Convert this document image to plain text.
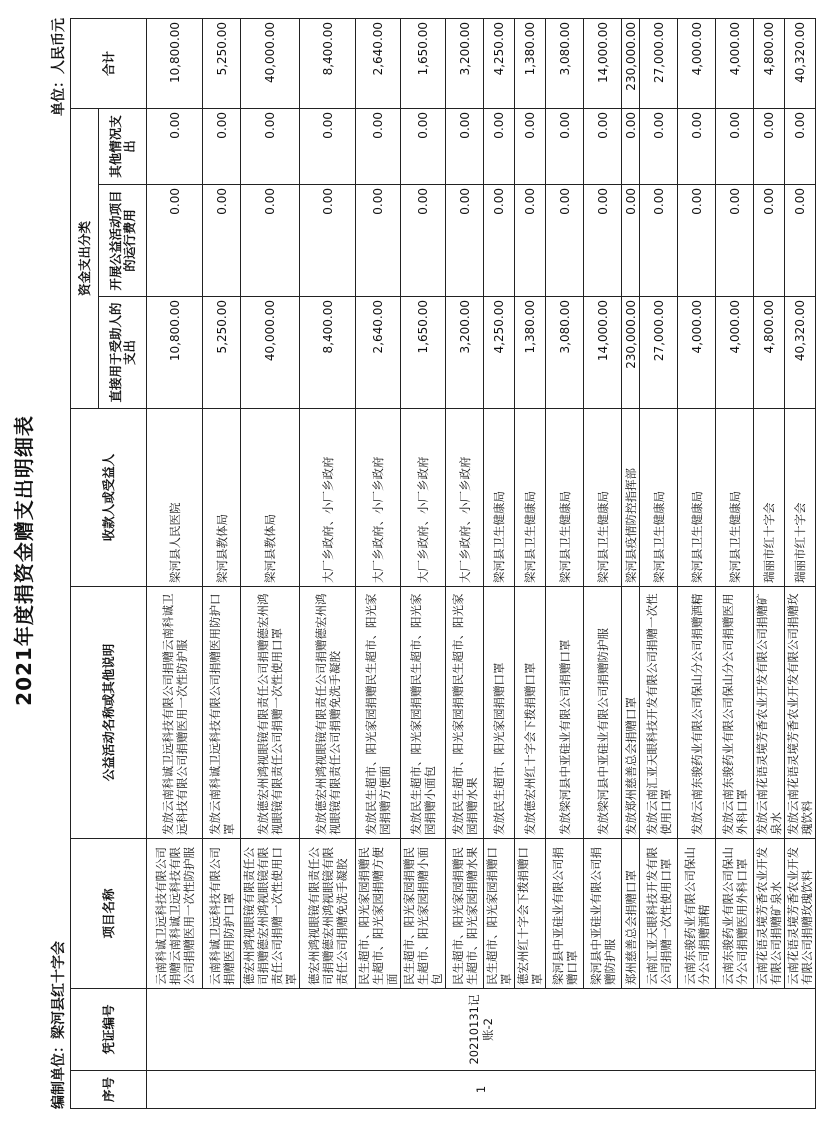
2021年度捐资金赠支出明细表
编制单位：梁河县红十字会
单位：人民币元
序号	凭证编号	项目名称	公益活动名称或其他说明	收款人或受益人	资金支出分类			合计
					直接用于受助人的支出	开展公益活动项目的运行费用	其他情况支出	
1	20210131记账-2	云南科诚卫远科技有限公司捐赠云南科诚卫远科技有限公司捐赠医用一次性防护服	发放云南科诚卫远科技有限公司捐赠云南科诚卫远科技有限公司捐赠医用一次性防护服	梁河县人民医院	10,800.00	0.00	0.00	10,800.00
		云南科诚卫远科技有限公司捐赠医用防护口罩	发放云南科诚卫远科技有限公司捐赠医用防护口罩	梁河县教体局	5,250.00	0.00	0.00	5,250.00
		德宏州鸿视眼镜有限责任公司捐赠德宏州鸿视眼镜有限责任公司捐赠一次性使用口罩	发放德宏州鸿视眼镜有限责任公司捐赠德宏州鸿视眼镜有限责任公司捐赠一次性使用口罩	梁河县教体局	40,000.00	0.00	0.00	40,000.00
		德宏州鸿视眼镜有限责任公司捐赠德宏州鸿视眼镜有限责任公司捐赠免洗手凝胶	发放德宏州鸿视眼镜有限责任公司捐赠德宏州鸿视眼镜有限责任公司捐赠免洗手凝胶	大厂乡政府、小厂乡政府	8,400.00	0.00	0.00	8,400.00
		民生超市、阳光家园捐赠民生超市、阳光家园捐赠方便面	发放民生超市、阳光家园捐赠民生超市、阳光家园捐赠方便面	大厂乡政府、小厂乡政府	2,640.00	0.00	0.00	2,640.00
		民生超市、阳光家园捐赠民生超市、阳光家园捐赠小面包	发放民生超市、阳光家园捐赠民生超市、阳光家园捐赠小面包	大厂乡政府、小厂乡政府	1,650.00	0.00	0.00	1,650.00
		民生超市、阳光家园捐赠民生超市、阳光家园捐赠水果	发放民生超市、阳光家园捐赠民生超市、阳光家园捐赠水果	大厂乡政府、小厂乡政府	3,200.00	0.00	0.00	3,200.00
		民生超市、阳光家园捐赠口罩	发放民生超市、阳光家园捐赠口罩	梁河县卫生健康局	4,250.00	0.00	0.00	4,250.00
		德宏州红十字会下拨捐赠口罩	发放德宏州红十字会下拨捐赠口罩	梁河县卫生健康局	1,380.00	0.00	0.00	1,380.00
		梁河县中亚硅业有限公司捐赠口罩	发放梁河县中亚硅业有限公司捐赠口罩	梁河县卫生健康局	3,080.00	0.00	0.00	3,080.00
		梁河县中亚硅业有限公司捐赠防护服	发放梁河县中亚硅业有限公司捐赠防护服	梁河县卫生健康局	14,000.00	0.00	0.00	14,000.00
		郑州慈善总会捐赠口罩	发放郑州慈善总会捐赠口罩	梁河县疫情防控指挥部	230,000.00	0.00	0.00	230,000.00
		云南汇亚天眼科技开发有限公司捐赠一次性使用口罩	发放云南汇亚天眼科技开发有限公司捐赠一次性使用口罩	梁河县卫生健康局	27,000.00	0.00	0.00	27,000.00
		云南东骏药业有限公司保山分公司捐赠酒精	发放云南东骏药业有限公司保山分公司捐赠酒精	梁河县卫生健康局	4,000.00	0.00	0.00	4,000.00
		云南东骏药业有限公司保山分公司捐赠医用外科口罩	发放云南东骏药业有限公司保山分公司捐赠医用外科口罩	梁河县卫生健康局	4,000.00	0.00	0.00	4,000.00
		云南花语灵境芳香农业开发有限公司捐赠矿泉水	发放云南花语灵境芳香农业开发有限公司捐赠矿泉水	瑞丽市红十字会	4,800.00	0.00	0.00	4,800.00
		云南花语灵境芳香农业开发有限公司捐赠玫瑰饮料	发放云南花语灵境芳香农业开发有限公司捐赠玫瑰饮料	瑞丽市红十字会	40,320.00	0.00	0.00	40,320.00
